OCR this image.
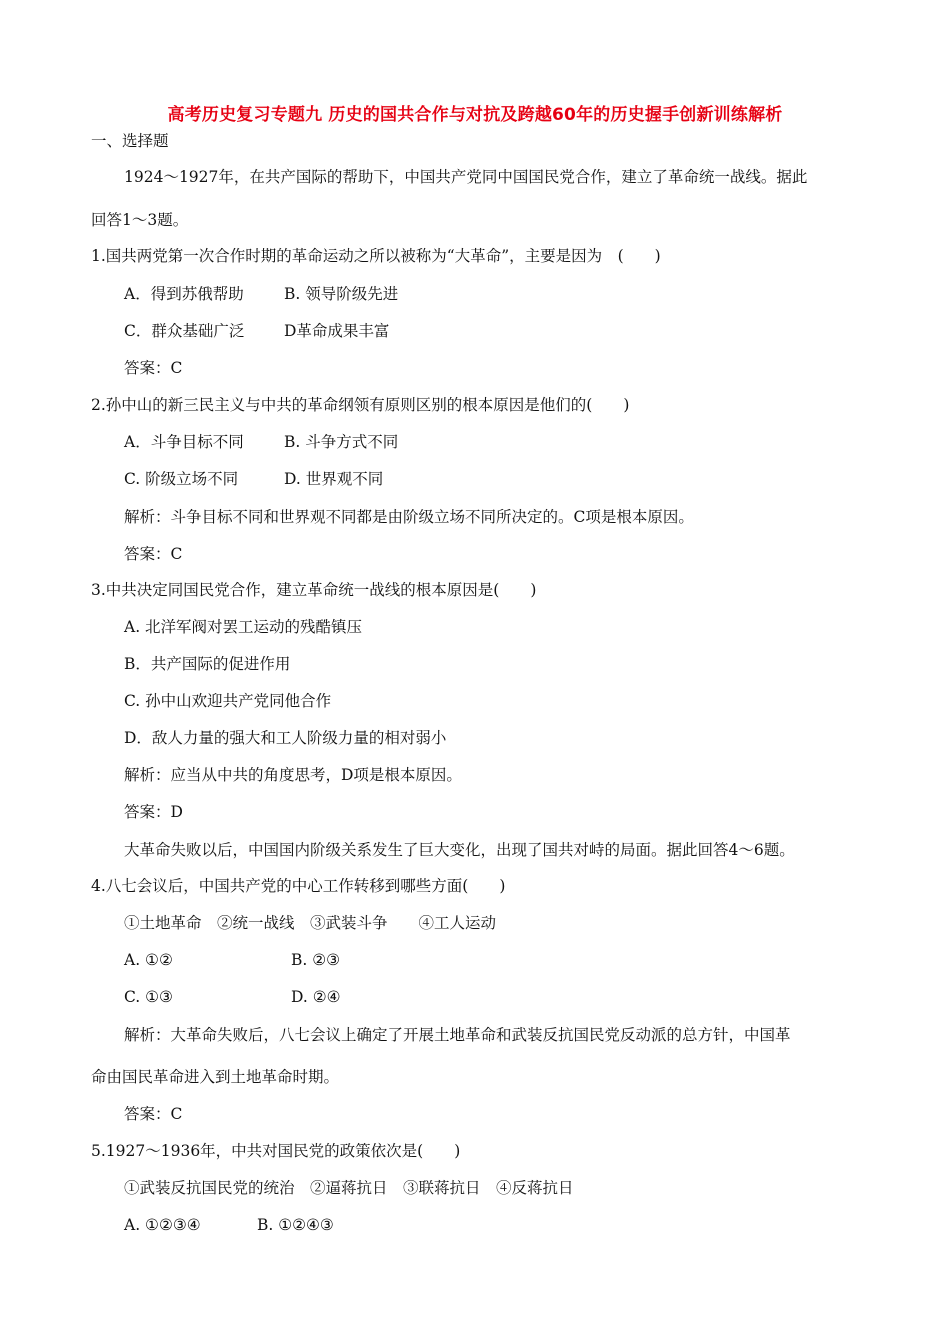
高考历史复习专题九 历史的国共合作与对抗及跨越60年的历史握手创新训练解析
一、选择题
1924～1927年，在共产国际的帮助下，中国共产党同中国国民党合作，建立了革命统一战线。据此
回答1～3题。
1.国共两党第一次合作时期的革命运动之所以被称为“大革命”，主要是因为　(　　)
A．得到苏俄帮助	B. 领导阶级先进
C．群众基础广泛	D革命成果丰富
答案：C
2.孙中山的新三民主义与中共的革命纲领有原则区别的根本原因是他们的(　　)
A．斗争目标不同	B. 斗争方式不同
C. 阶级立场不同	D. 世界观不同
解析：斗争目标不同和世界观不同都是由阶级立场不同所决定的。C项是根本原因。
答案：C
3.中共决定同国民党合作，建立革命统一战线的根本原因是(　　)
A. 北洋军阀对罢工运动的残酷镇压
B．共产国际的促进作用
C. 孙中山欢迎共产党同他合作
D．敌人力量的强大和工人阶级力量的相对弱小
解析：应当从中共的角度思考，D项是根本原因。
答案：D
大革命失败以后，中国国内阶级关系发生了巨大变化，出现了国共对峙的局面。据此回答4～6题。
4.八七会议后，中国共产党的中心工作转移到哪些方面(　　)
①土地革命　②统一战线　③武装斗争　　④工人运动
A. ①②	B. ②③
C. ①③	D. ②④
解析：大革命失败后，八七会议上确定了开展土地革命和武装反抗国民党反动派的总方针，中国革
命由国民革命进入到土地革命时期。
答案：C
5.1927～1936年，中共对国民党的政策依次是(　　)
①武装反抗国民党的统治　②逼蒋抗日　③联蒋抗日　④反蒋抗日
A. ①②③④	B. ①②④③
